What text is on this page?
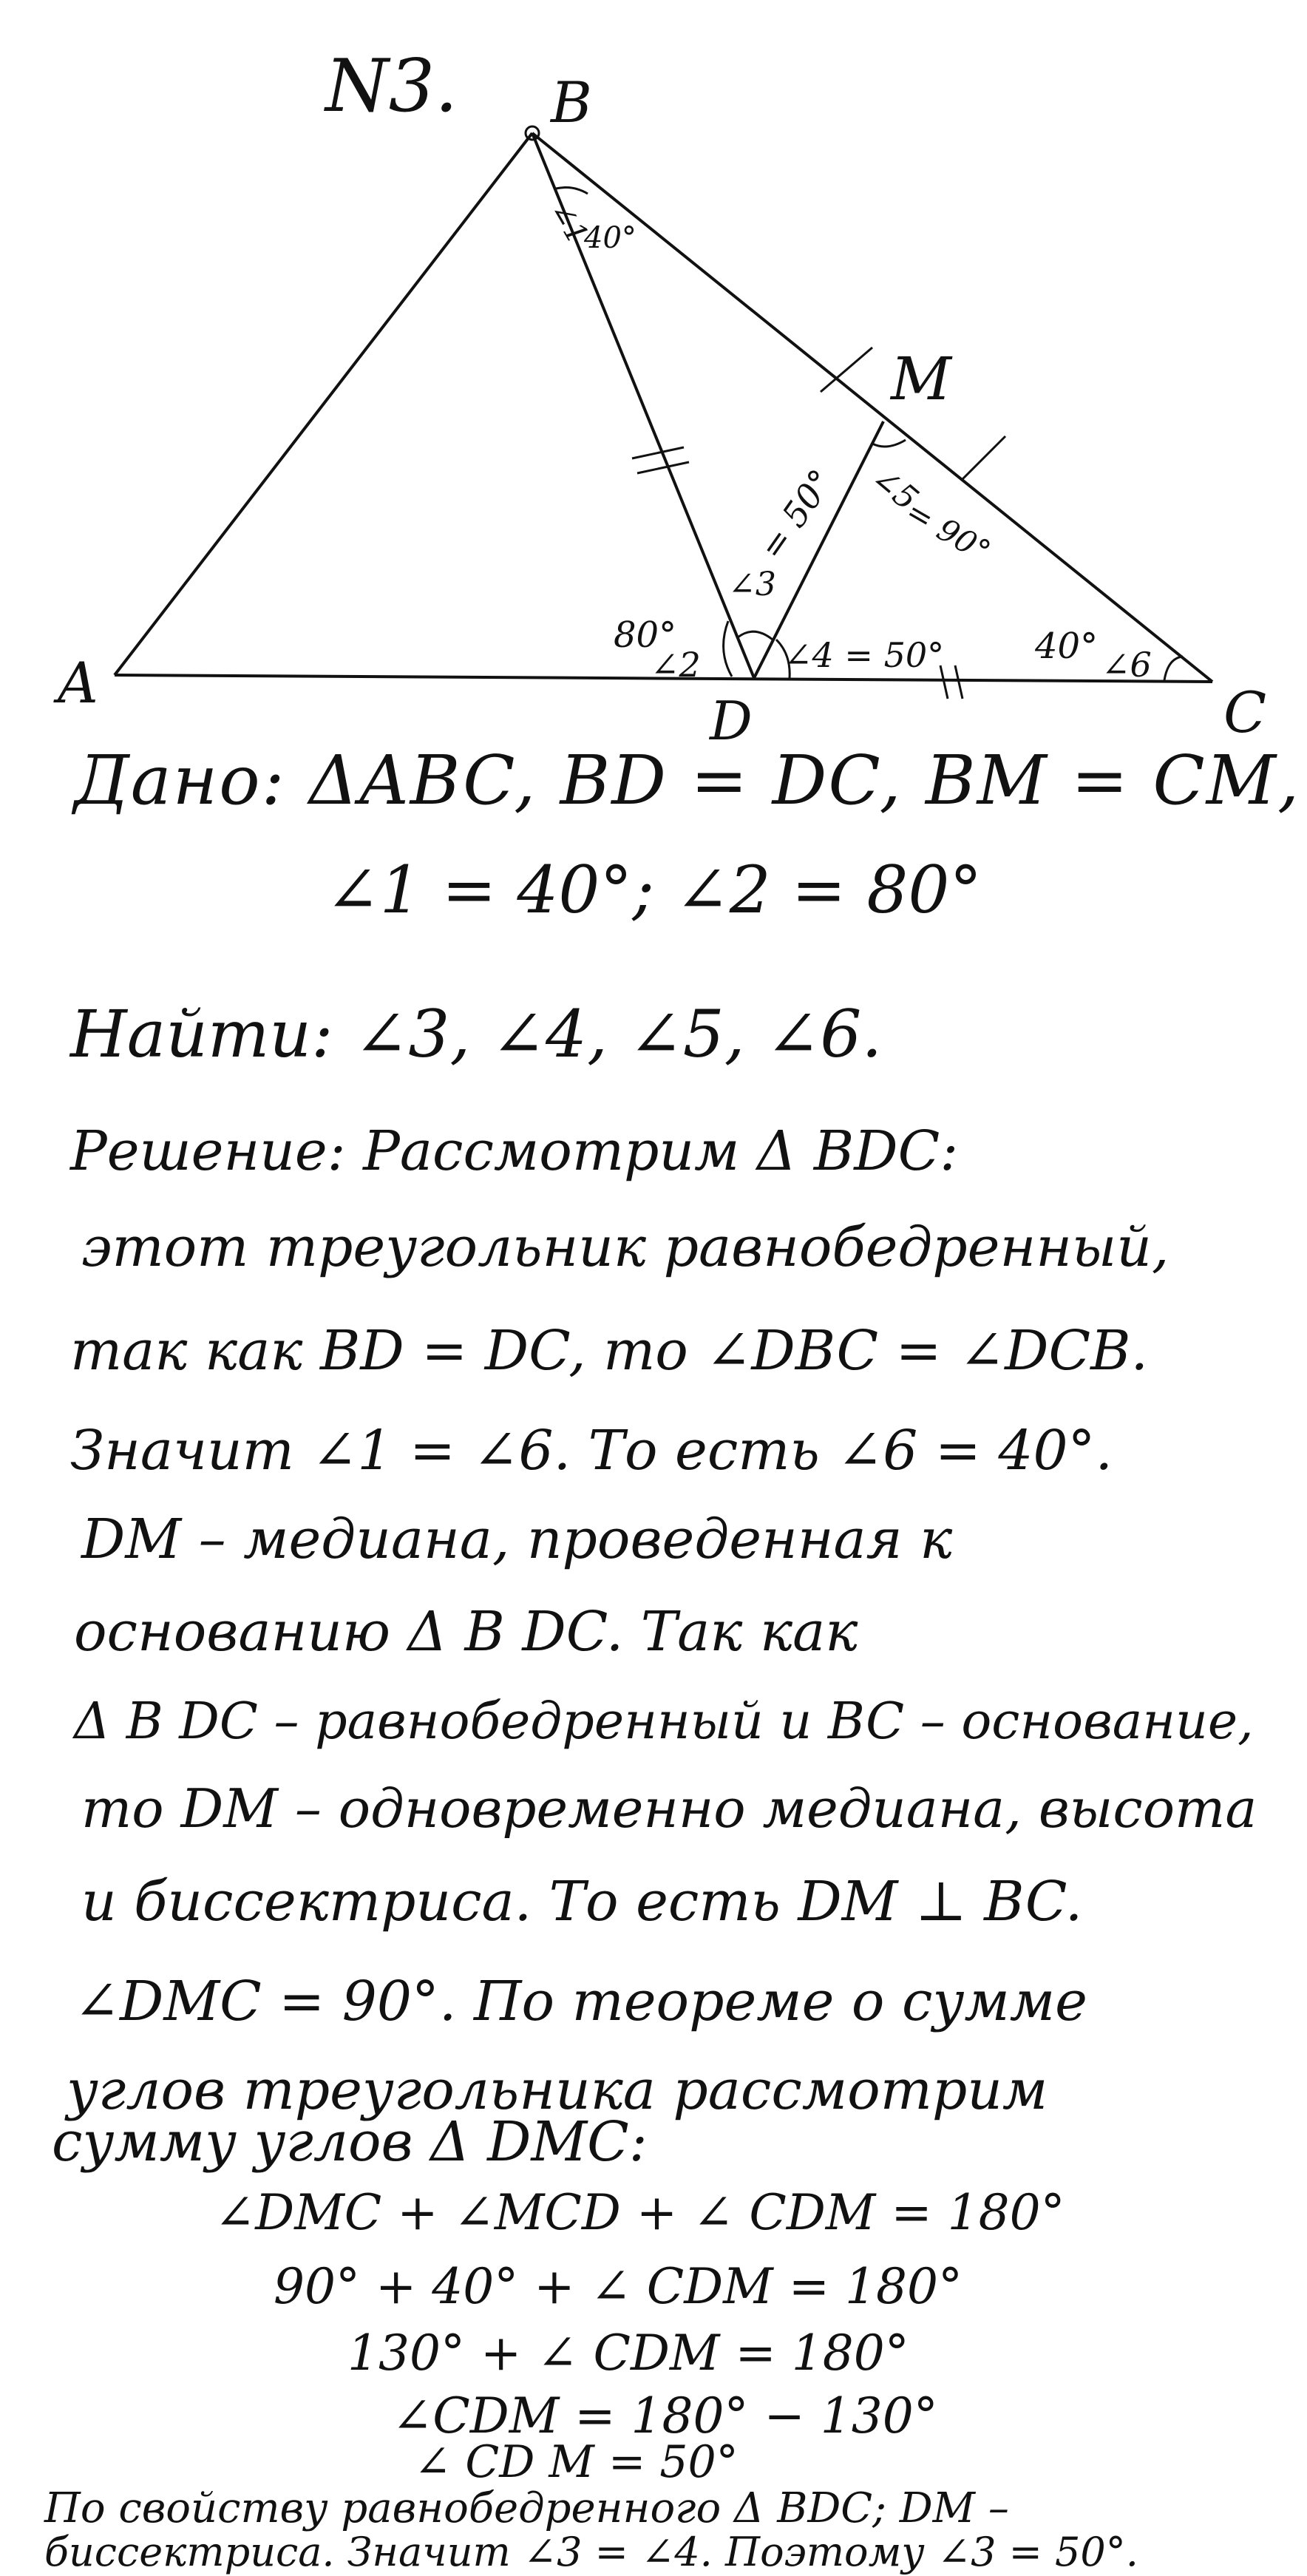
N3. B
A	C
D
M
∠1
40°
80°
∠2
= 50°
∠3
∠4 = 50°
∠5
= 90°
40° ∠6
Дано: ΔABC, BD = DC, BM = CM,
∠1 = 40°; ∠2 = 80°
Найти: ∠3, ∠4, ∠5, ∠6.
Решение: Рассмотрим Δ BDC:
этот треугольник равнобедренный,
так как BD = DC, то ∠DBC = ∠DCB.
Значит ∠1 = ∠6. То есть ∠6 = 40°.
DM – медиана, проведенная к
основанию Δ B DC. Так как
Δ B DC – равнобедренный и BC – основание,
то DM – одновременно медиана, высота
и биссектриса. То есть DM ⊥ BC.
∠DMC = 90°. По теореме о сумме
углов треугольника рассмотрим
∠DMC + ∠MCD + ∠ CDM = 180°
90° + 40° + ∠ CDM = 180°
130° + ∠ CDM = 180°
∠CDM = 180° − 130°
По свойству равнобедренного Δ BDC; DM –
биссектриса. Значит ∠3 = ∠4. Поэтому ∠3 = 50°.
сумму углов Δ DMC:
∠ CD M = 50°
